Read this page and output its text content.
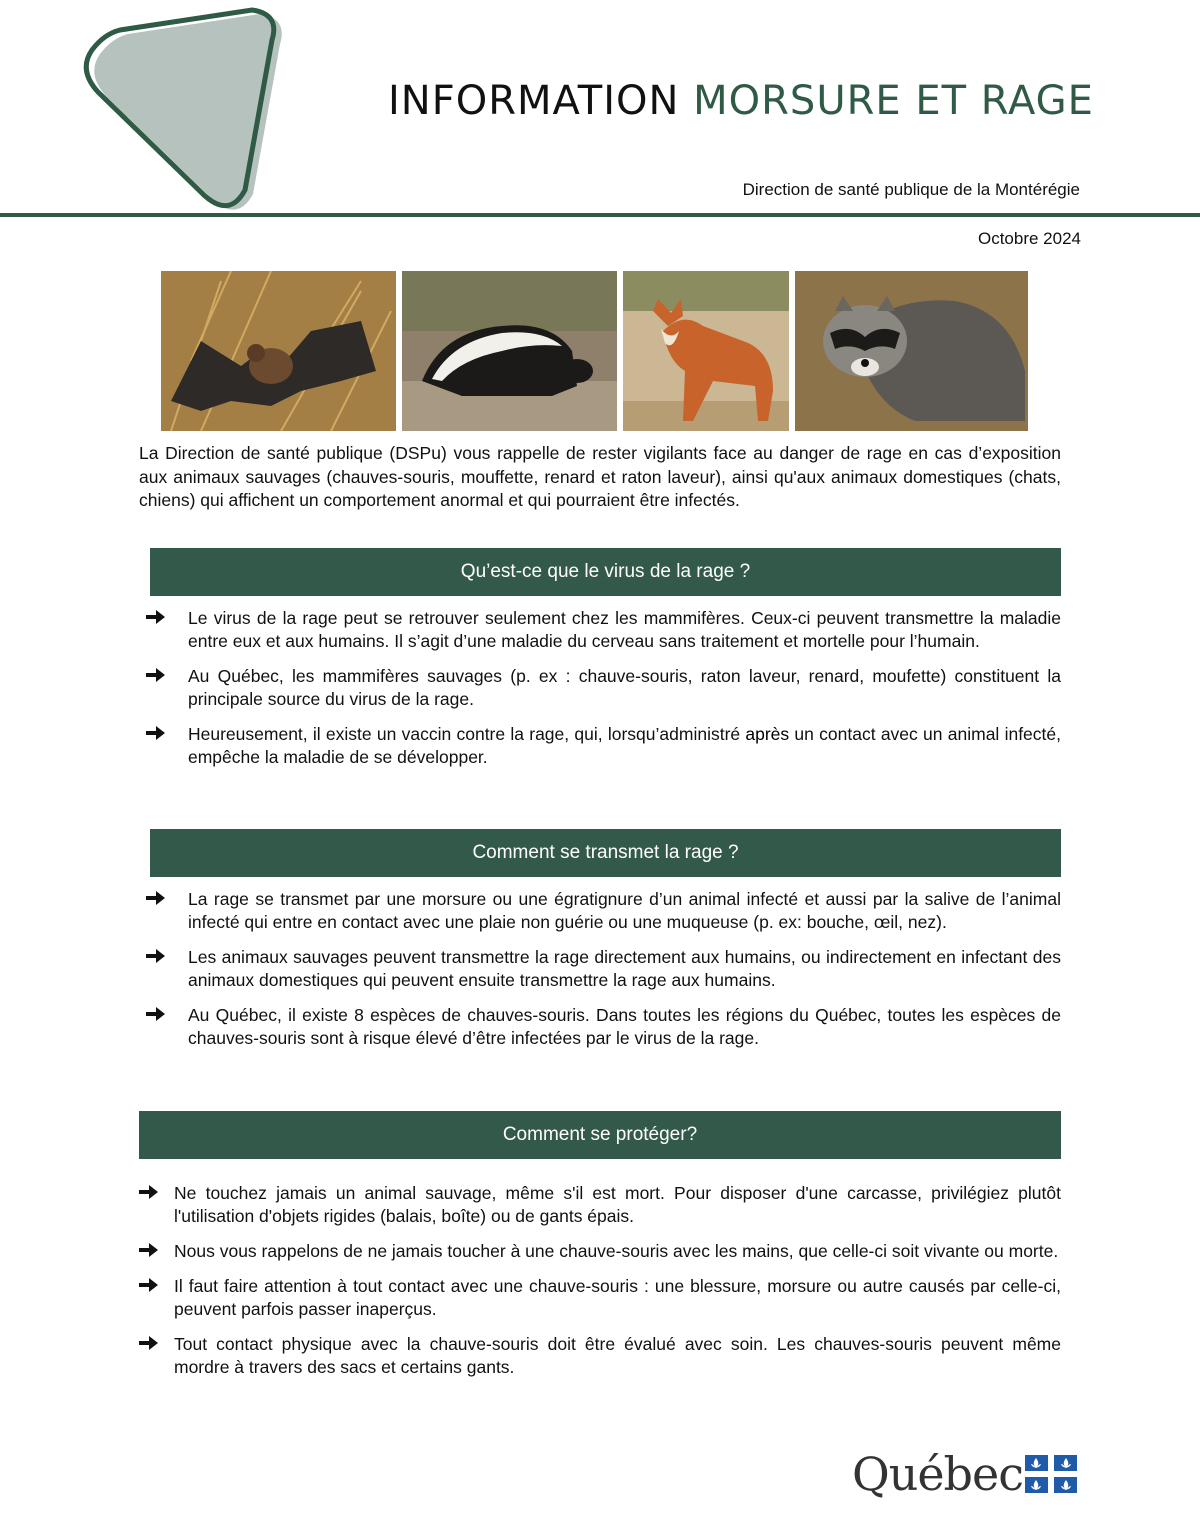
INFORMATION MORSURE ET RAGE
Direction de santé publique de la Montérégie
Octobre 2024

La Direction de santé publique (DSPu) vous rappelle de rester vigilants face au danger de rage en cas d’exposition aux animaux sauvages (chauves-souris, mouffette, renard et raton laveur), ainsi qu'aux animaux domestiques (chats, chiens) qui affichent un comportement anormal et qui pourraient être infectés.

Qu’est-ce que le virus de la rage ?
Le virus de la rage peut se retrouver seulement chez les mammifères. Ceux-ci peuvent transmettre la maladie entre eux et aux humains. Il s’agit d’une maladie du cerveau sans traitement et mortelle pour l’humain.
Au Québec, les mammifères sauvages (p. ex : chauve-souris, raton laveur, renard, moufette) constituent la principale source du virus de la rage.
Heureusement, il existe un vaccin contre la rage, qui, lorsqu’administré après un contact avec un animal infecté, empêche la maladie de se développer.
Comment se transmet la rage ?
La rage se transmet par une morsure ou une égratignure d’un animal infecté et aussi par la salive de l’animal infecté qui entre en contact avec une plaie non guérie ou une muqueuse (p. ex: bouche, œil, nez).
Les animaux sauvages peuvent transmettre la rage directement aux humains, ou indirectement en infectant des animaux domestiques qui peuvent ensuite transmettre la rage aux humains.
Au Québec, il existe 8 espèces de chauves-souris. Dans toutes les régions du Québec, toutes les espèces de chauves-souris sont à risque élevé d’être infectées par le virus de la rage.
Comment se protéger?
Ne touchez jamais un animal sauvage, même s'il est mort. Pour disposer d'une carcasse, privilégiez plutôt l'utilisation d'objets rigides (balais, boîte) ou de gants épais.
Nous vous rappelons de ne jamais toucher à une chauve-souris avec les mains, que celle-ci soit vivante ou morte.
Il faut faire attention à tout contact avec une chauve-souris : une blessure, morsure ou autre causés par celle-ci, peuvent parfois passer inaperçus.
Tout contact physique avec la chauve-souris doit être évalué avec soin. Les chauves-souris peuvent même mordre à travers des sacs et certains gants.
Québec
